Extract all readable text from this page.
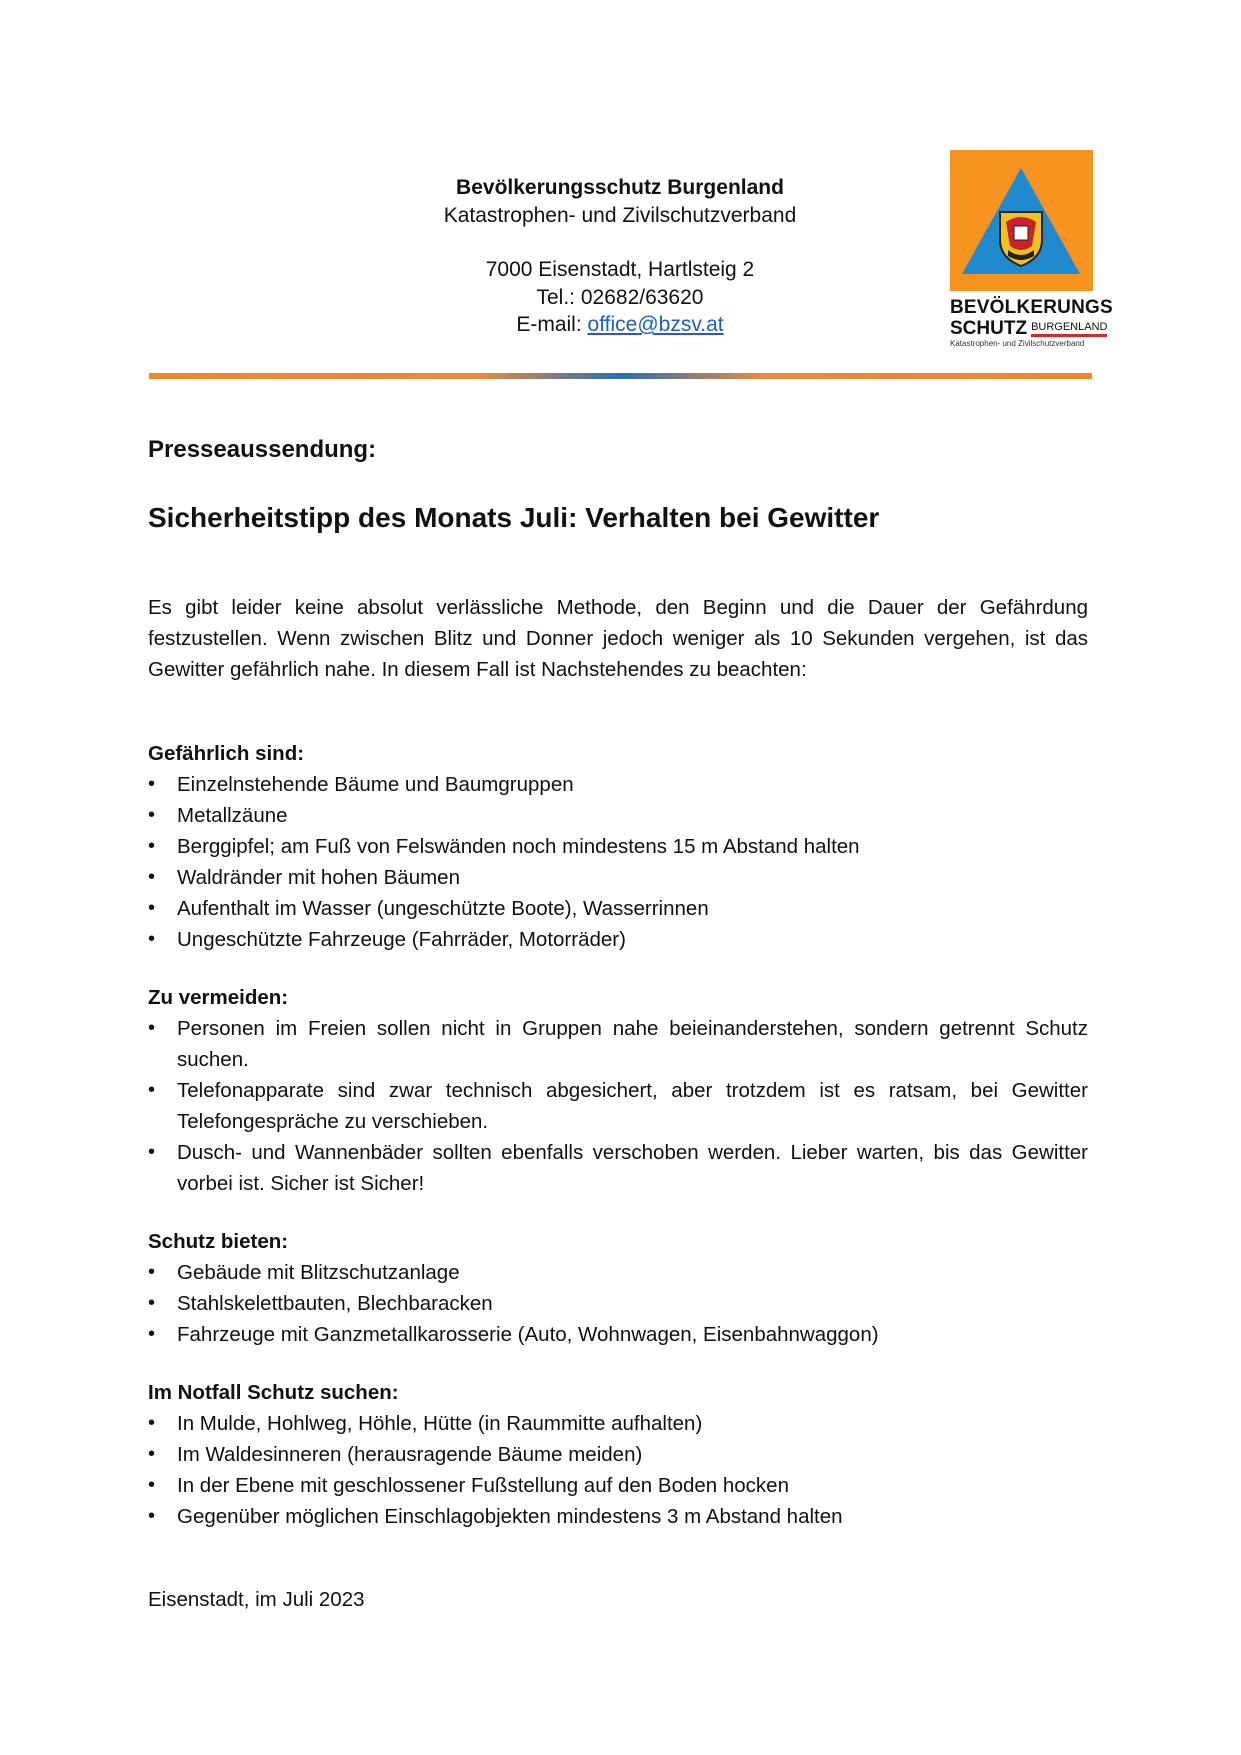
Bevölkerungsschutz Burgenland
Katastrophen- und Zivilschutzverband
7000 Eisenstadt, Hartlsteig 2
Tel.: 02682/63620
E-mail: office@bzsv.at
BEVÖLKERUNGS
SCHUTZ BURGENLAND
Katastrophen- und Zivilschutzverband

Presseaussendung:

Sicherheitstipp des Monats Juli: Verhalten bei Gewitter

Es gibt leider keine absolut verlässliche Methode, den Beginn und die Dauer der Gefährdung festzustellen. Wenn zwischen Blitz und Donner jedoch weniger als 10 Sekunden vergehen, ist das Gewitter gefährlich nahe. In diesem Fall ist Nachstehendes zu beachten:

Gefährlich sind:

• Einzelnstehende Bäume und Baumgruppen
• Metallzäune
• Berggipfel; am Fuß von Felswänden noch mindestens 15 m Abstand halten
• Waldränder mit hohen Bäumen
• Aufenthalt im Wasser (ungeschützte Boote), Wasserrinnen
• Ungeschützte Fahrzeuge (Fahrräder, Motorräder)

Zu vermeiden:

• Personen im Freien sollen nicht in Gruppen nahe beieinanderstehen, sondern getrennt Schutz suchen.
• Telefonapparate sind zwar technisch abgesichert, aber trotzdem ist es ratsam, bei Gewitter Telefongespräche zu verschieben.
• Dusch- und Wannenbäder sollten ebenfalls verschoben werden. Lieber warten, bis das Gewitter vorbei ist. Sicher ist Sicher!

Schutz bieten:

• Gebäude mit Blitzschutzanlage
• Stahlskelettbauten, Blechbaracken
• Fahrzeuge mit Ganzmetallkarosserie (Auto, Wohnwagen, Eisenbahnwaggon)

Im Notfall Schutz suchen:

• In Mulde, Hohlweg, Höhle, Hütte (in Raummitte aufhalten)
• Im Waldesinneren (herausragende Bäume meiden)
• In der Ebene mit geschlossener Fußstellung auf den Boden hocken
• Gegenüber möglichen Einschlagobjekten mindestens 3 m Abstand halten
Eisenstadt, im Juli 2023
